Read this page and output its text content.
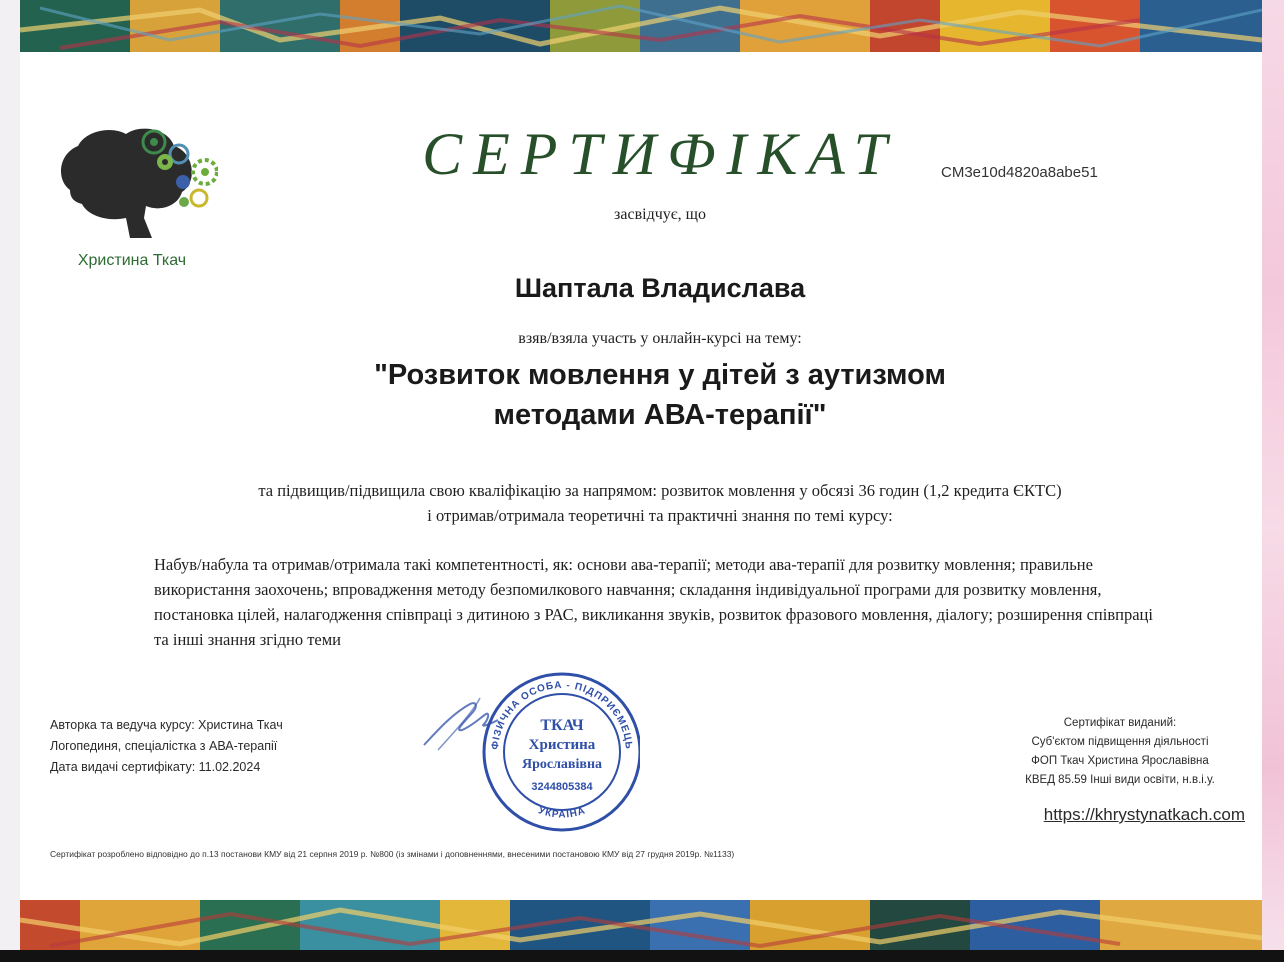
Христина Ткач
СЕРТИФІКАТ	CM3e10d4820a8abe51
засвідчує, що
Шаптала Владислава
взяв/взяла участь у онлайн-курсі на тему:
"Розвиток мовлення у дітей з аутизмом
методами АВА-терапії"
та підвищив/підвищила свою кваліфікацію за напрямом: розвиток мовлення у обсязі 36 годин (1,2 кредита ЄКТС)
і отримав/отримала теоретичні та практичні знання по темі курсу:
Набув/набула та отримав/отримала такі компетентності, як: основи ава-терапії; методи ава-терапії для розвитку мовлення; правильне використання заохочень; впровадження методу безпомилкового навчання; складання індивідуальної програми для розвитку мовлення, постановка цілей, налагодження співпраці з дитиною з РАС, викликання звуків, розвиток фразового мовлення, діалогу; розширення співпраці та інші знання згідно теми
Авторка та ведуча курсу: Христина Ткач
Логопединя, спеціалістка з АВА-терапії
Дата видачі сертифікату: 11.02.2024
ФІЗИЧНА ОСОБА - ПІДПРИЄМЕЦЬ
УКРАЇНА
ТКАЧ
Христина
Ярославівна
3244805384
Сертифікат виданий:
Суб'єктом підвищення діяльності
ФОП Ткач Христина Ярославівна
КВЕД 85.59 Інші види освіти, н.в.і.у.
https://khrystynatkach.com
Сертифікат розроблено відповідно до п.13 постанови КМУ від 21 серпня 2019 р. №800 (із змінами і доповненнями, внесеними постановою КМУ від 27 грудня 2019р. №1133)
